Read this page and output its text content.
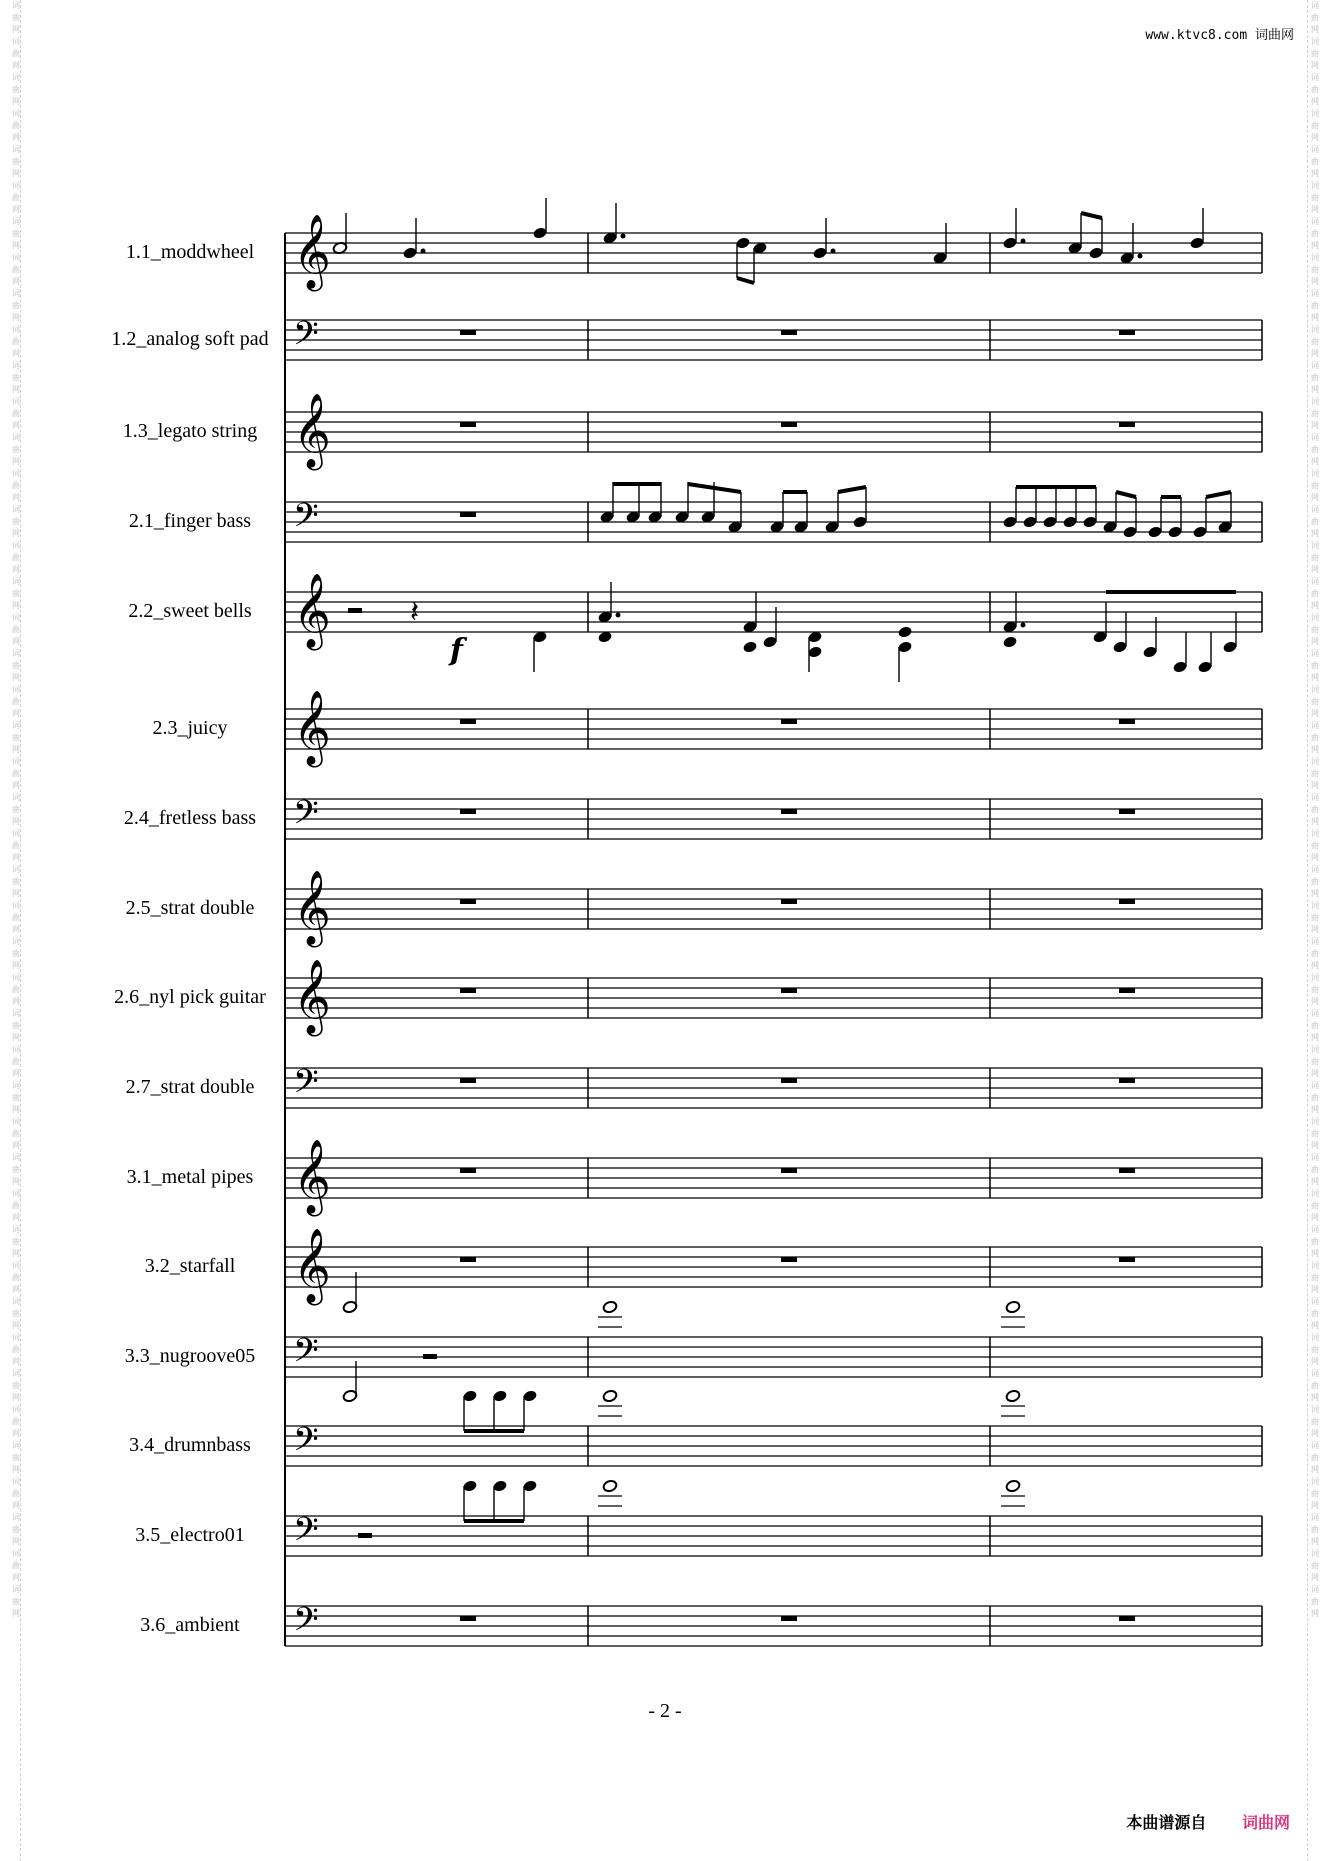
词曲网词曲网词曲网词曲网词曲网词曲网词曲网词曲网词曲网词曲网词曲网词曲网词曲网词曲网词曲网词曲网词曲网词曲网词曲网词曲网词曲网词曲网词曲网词曲网词曲网词曲网词曲网词曲网词曲网词曲网词曲网词曲网词曲网词曲网词曲网词曲网词曲网词曲网词曲网词曲网词曲网词曲网词曲网词曲网词曲网
词曲网词曲网词曲网词曲网词曲网词曲网词曲网词曲网词曲网词曲网词曲网词曲网词曲网词曲网词曲网词曲网词曲网词曲网词曲网词曲网词曲网词曲网词曲网词曲网词曲网词曲网词曲网词曲网词曲网词曲网词曲网词曲网词曲网词曲网词曲网词曲网词曲网词曲网词曲网词曲网词曲网词曲网词曲网词曲网词曲网
www.ktvc8.com 词曲网
1.1_moddwheel
1.2_analog soft pad
1.3_legato string
2.1_finger bass
2.2_sweet bells
2.3_juicy
2.4_fretless bass
2.5_strat double
2.6_nyl pick guitar
2.7_strat double
3.1_metal pipes
3.2_starfall
3.3_nugroove05
3.4_drumnbass
3.5_electro01
3.6_ambient
𝄞
𝄢
𝄞
𝄢
𝄞
𝄞
𝄢
𝄞
𝄞
𝄢
𝄞
𝄞
𝄢
𝄢
𝄢
𝄢
𝄽
f
- 2 -
本曲谱源自 词曲网
